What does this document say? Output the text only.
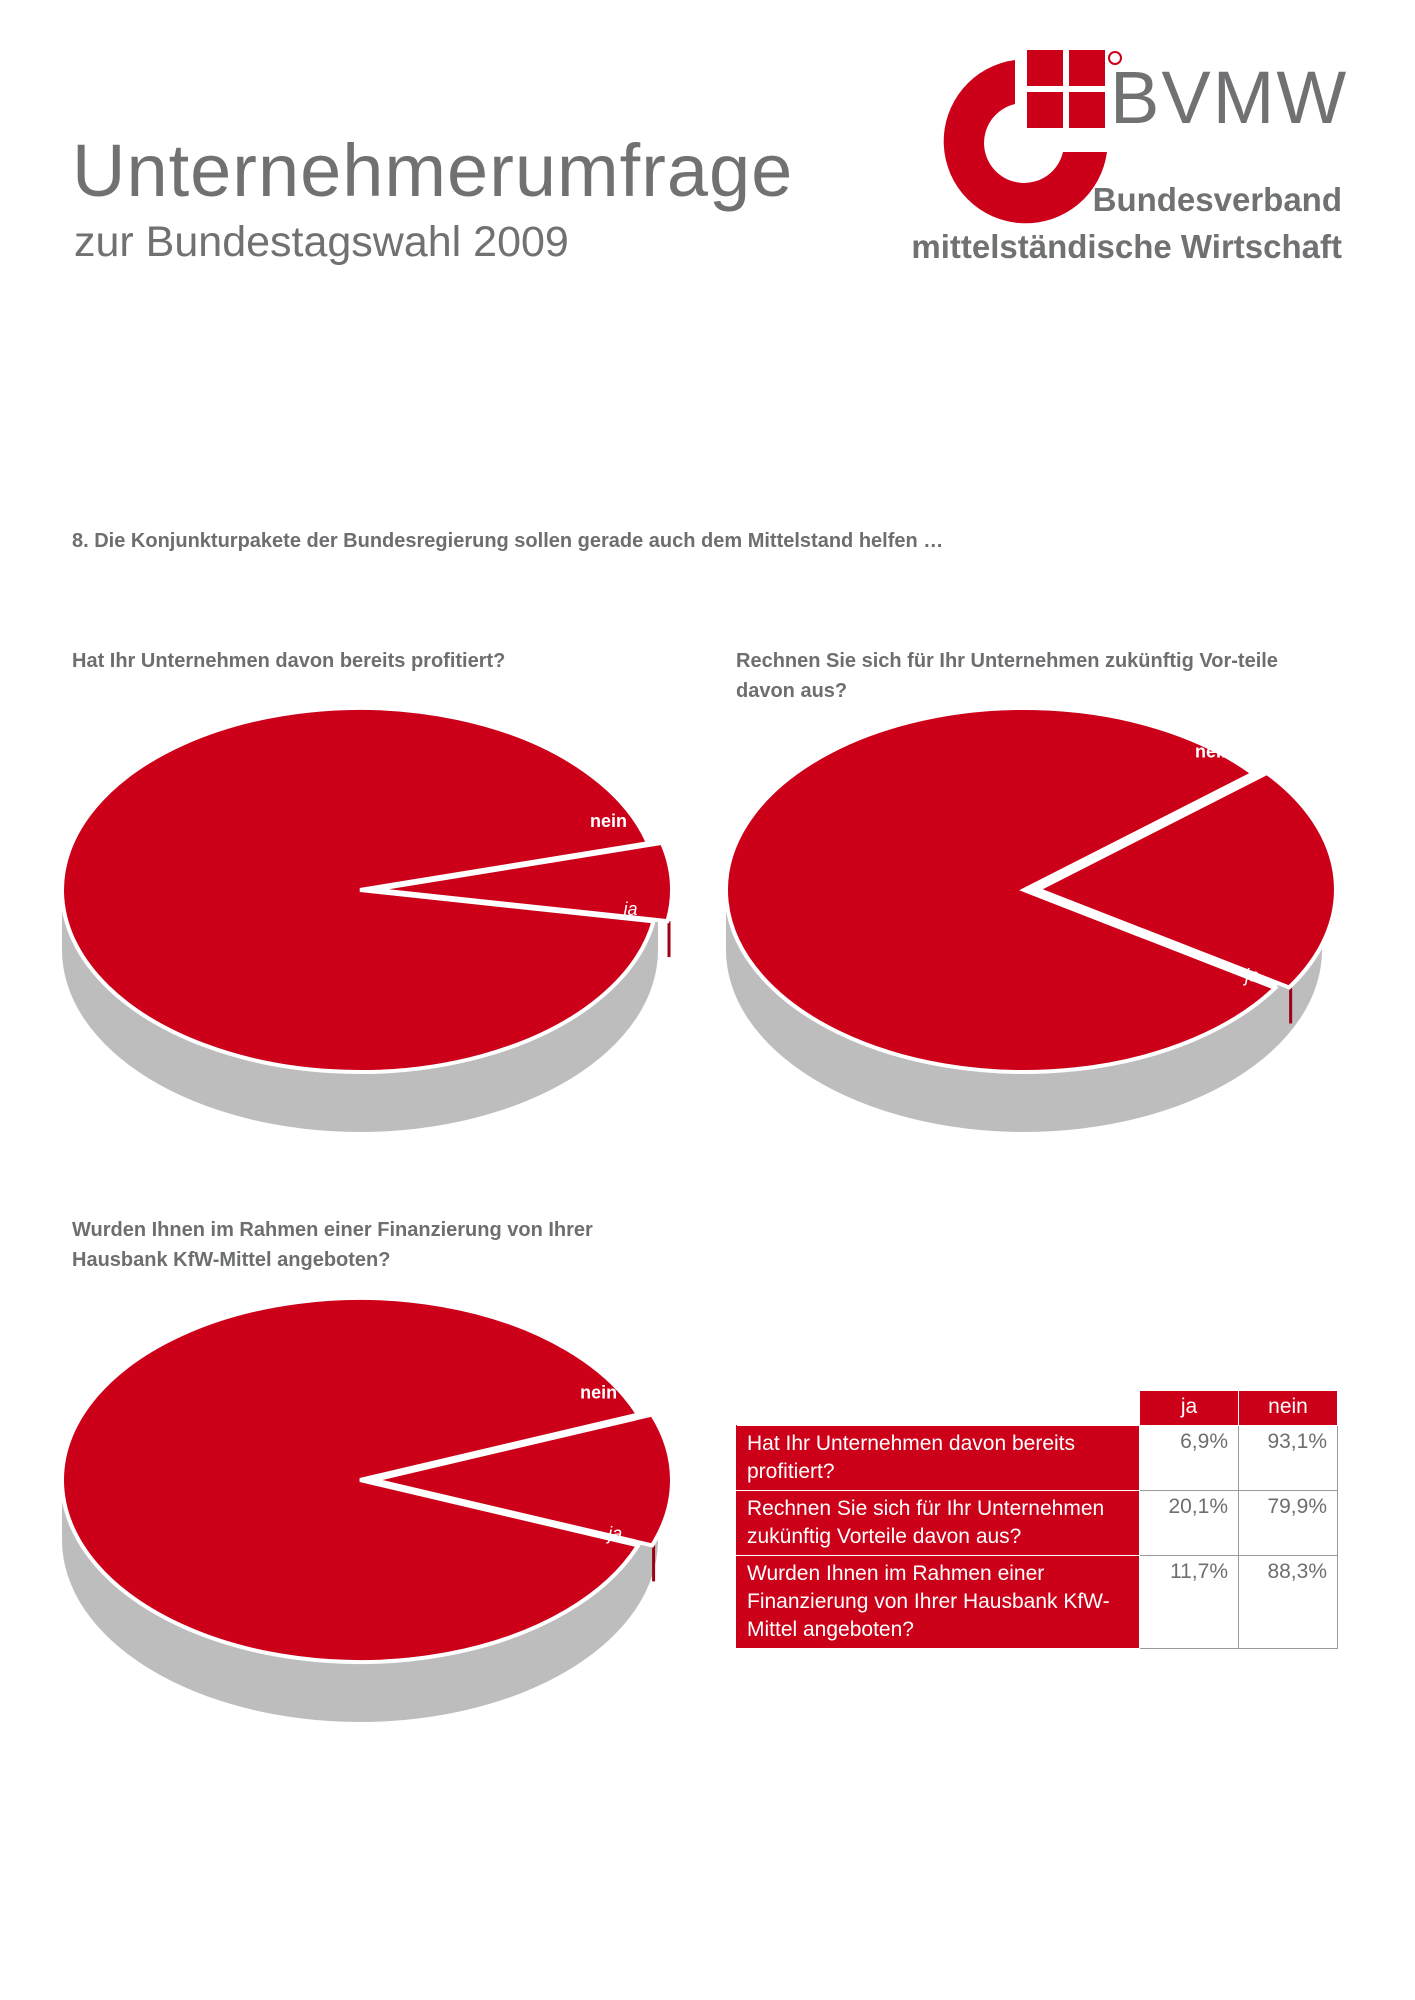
Unternehmerumfrage
zur Bundestagswahl 2009
BVMW
Bundesverband
mittelständische Wirtschaft
8. Die Konjunkturpakete der Bundesregierung sollen gerade auch dem Mittelstand helfen …
Hat Ihr Unternehmen davon bereits profitiert?	Rechnen Sie sich für Ihr Unternehmen zukünftig Vor-teile davon aus?
Wurden Ihnen im Rahmen einer Finanzierung von Ihrer Hausbank KfW-Mittel angeboten?
nein
ja
nein
ja
nein
ja
	ja	nein
Hat Ihr Unternehmen davon bereits profitiert?	6,9%	93,1%
Rechnen Sie sich für Ihr Unternehmen zukünftig Vorteile davon aus?	20,1%	79,9%
Wurden Ihnen im Rahmen einer Finanzierung von Ihrer Hausbank KfW-Mittel angeboten?	11,7%	88,3%
